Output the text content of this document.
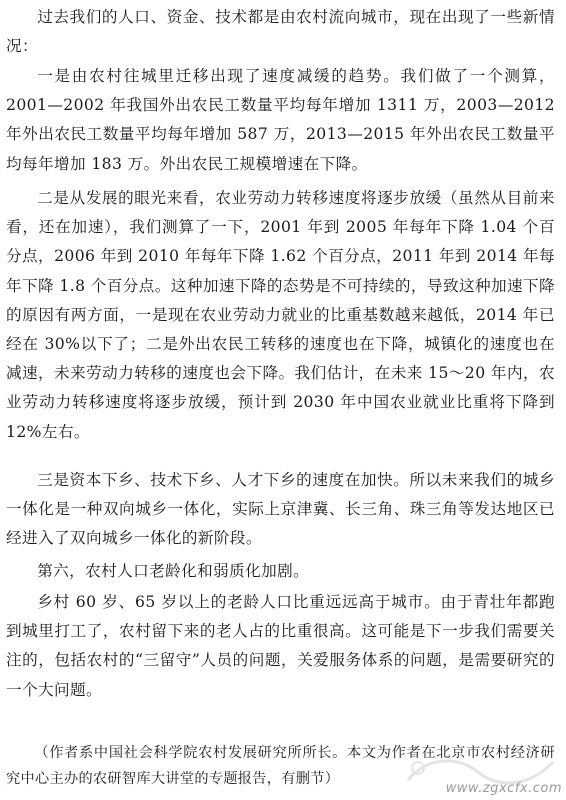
过去我们的人口、资金、技术都是由农村流向城市，现在出现了一些新情况：

一是由农村往城里迁移出现了速度减缓的趋势。我们做了一个测算，2001—2002 年我国外出农民工数量平均每年增加 1311 万，2003—2012 年外出农民工数量平均每年增加 587 万，2013—2015 年外出农民工数量平均每年增加 183 万。外出农民工规模增速在下降。

二是从发展的眼光来看，农业劳动力转移速度将逐步放缓（虽然从目前来看，还在加速），我们测算了一下，2001 年到 2005 年每年下降 1.04 个百分点，2006 年到 2010 年每年下降 1.62 个百分点，2011 年到 2014 年每年下降 1.8 个百分点。这种加速下降的态势是不可持续的，导致这种加速下降的原因有两方面，一是现在农业劳动力就业的比重基数越来越低，2014 年已经在 30%以下了；二是外出农民工转移的速度也在下降，城镇化的速度也在减速，未来劳动力转移的速度也会下降。我们估计，在未来 15～20 年内，农业劳动力转移速度将逐步放缓，预计到 2030 年中国农业就业比重将下降到 12%左右。

三是资本下乡、技术下乡、人才下乡的速度在加快。所以未来我们的城乡一体化是一种双向城乡一体化，实际上京津冀、长三角、珠三角等发达地区已经进入了双向城乡一体化的新阶段。

第六，农村人口老龄化和弱质化加剧。

乡村 60 岁、65 岁以上的老龄人口比重远远高于城市。由于青壮年都跑到城里打工了，农村留下来的老人占的比重很高。这可能是下一步我们需要关注的，包括农村的“三留守”人员的问题，关爱服务体系的问题，是需要研究的一个大问题。

（作者系中国社会科学院农村发展研究所所长。本文为作者在北京市农村经济研究中心主办的农研智库大讲堂的专题报告，有删节）

www.zgxcfx.com
